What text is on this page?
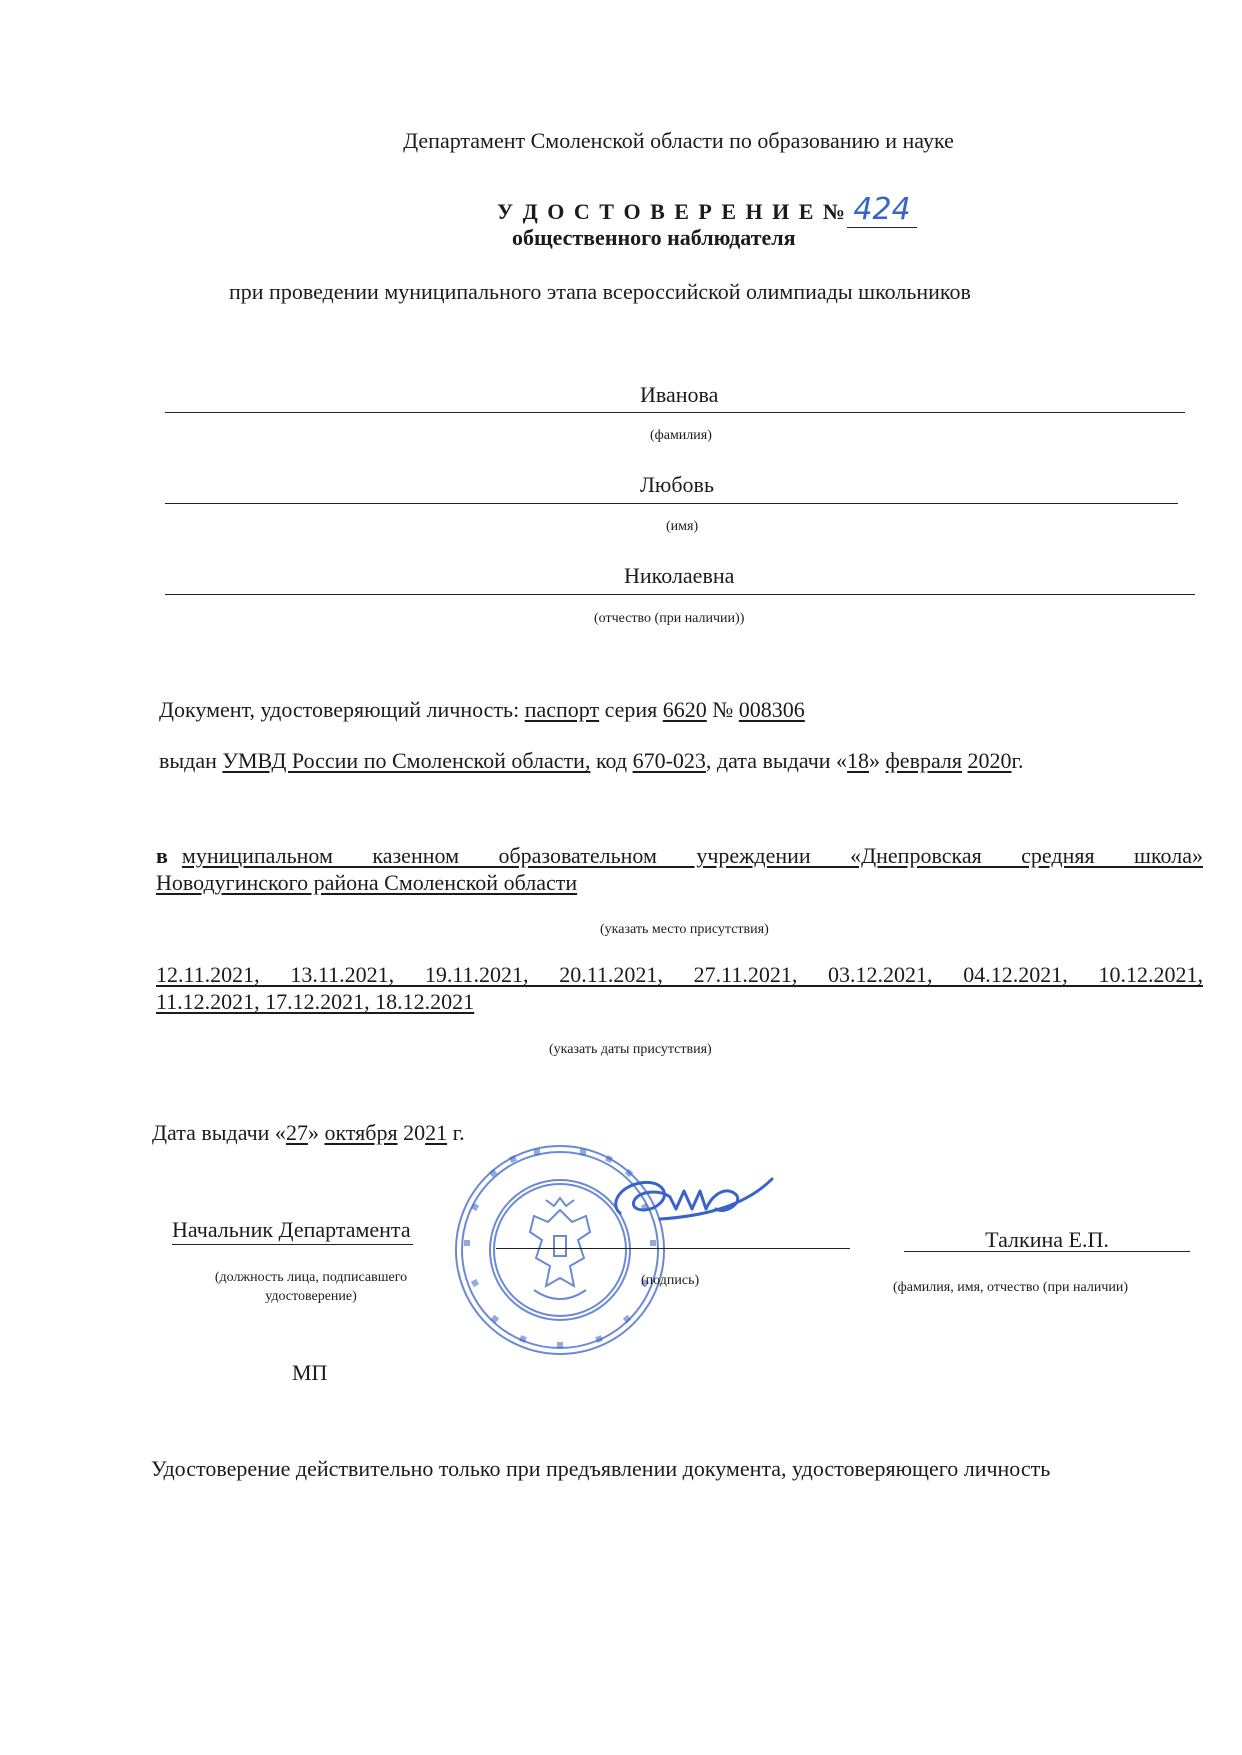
Департамент Смоленской области по образованию и науке
У Д О С Т О В Е Р Е Н И Е № 424
общественного наблюдателя
при проведении муниципального этапа всероссийской олимпиады школьников
Иванова
(фамилия)
Любовь
(имя)
Николаевна
(отчество (при наличии))
Документ, удостоверяющий личность: паспорт серия 6620 № 008306
выдан УМВД России по Смоленской области, код 670-023, дата выдачи «18» февраля 2020г.
в муниципальном казенном образовательном учреждении «Днепровская средняя школа»
Новодугинского района Смоленской области
(указать место присутствия)
12.11.2021, 13.11.2021, 19.11.2021, 20.11.2021, 27.11.2021, 03.12.2021, 04.12.2021, 10.12.2021,
11.12.2021, 17.12.2021, 18.12.2021
(указать даты присутствия)
Дата выдачи «27» октября 2021 г.
Начальник Департамента
(должность лица, подписавшего
удостоверение)
(подпись)
Талкина Е.П.
(фамилия, имя, отчество (при наличии)
МП
Удостоверение действительно только при предъявлении документа, удостоверяющего личность
